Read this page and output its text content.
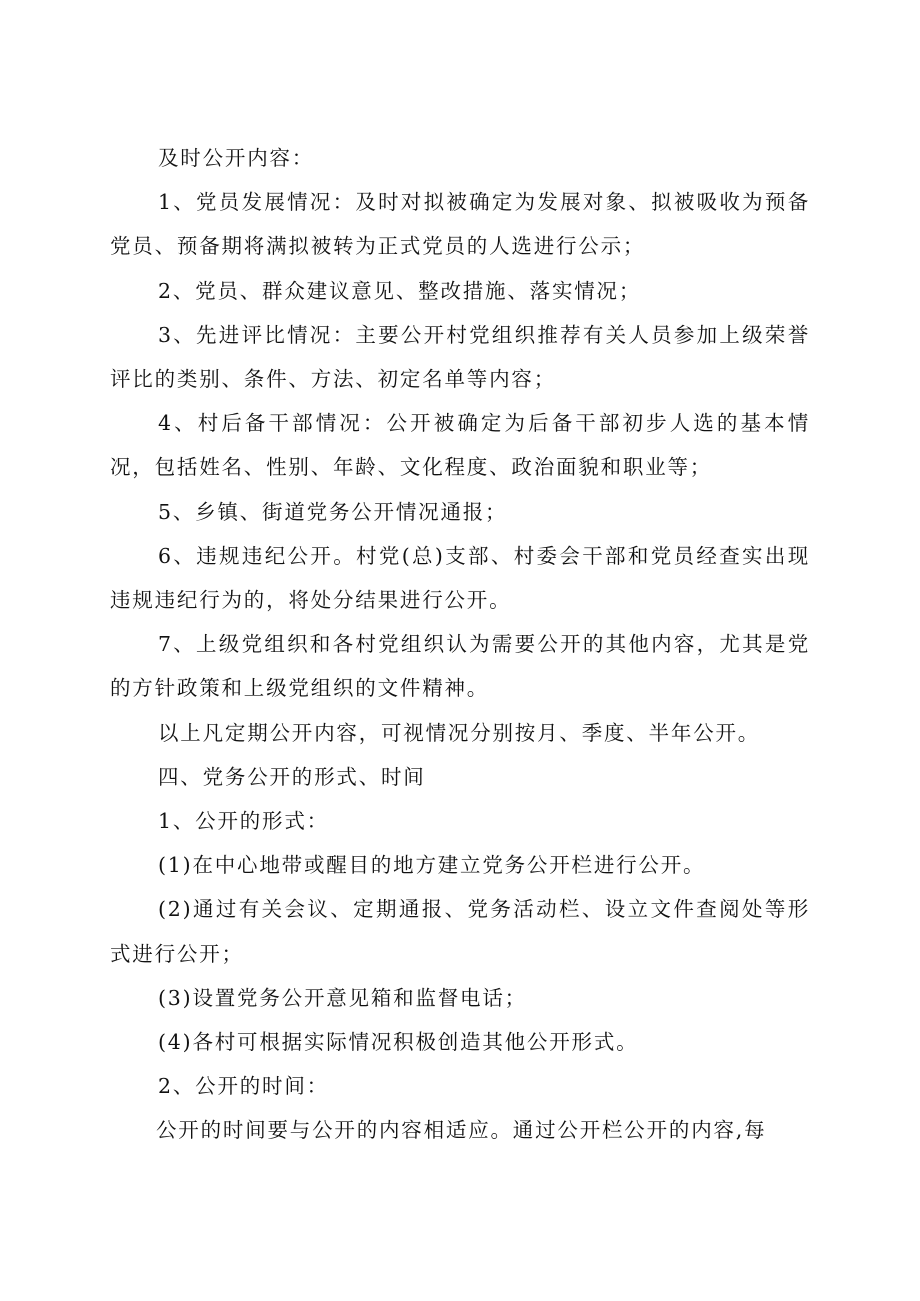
及时公开内容：

1、党员发展情况：及时对拟被确定为发展对象、拟被吸收为预备党员、预备期将满拟被转为正式党员的人选进行公示；

2、党员、群众建议意见、整改措施、落实情况；

3、先进评比情况：主要公开村党组织推荐有关人员参加上级荣誉评比的类别、条件、方法、初定名单等内容；

4、村后备干部情况：公开被确定为后备干部初步人选的基本情况，包括姓名、性别、年龄、文化程度、政治面貌和职业等；

5、乡镇、街道党务公开情况通报；

6、违规违纪公开。村党(总)支部、村委会干部和党员经查实出现违规违纪行为的，将处分结果进行公开。

7、上级党组织和各村党组织认为需要公开的其他内容，尤其是党的方针政策和上级党组织的文件精神。

以上凡定期公开内容，可视情况分别按月、季度、半年公开。

四、党务公开的形式、时间

1、公开的形式：

(1)在中心地带或醒目的地方建立党务公开栏进行公开。

(2)通过有关会议、定期通报、党务活动栏、设立文件查阅处等形式进行公开；

(3)设置党务公开意见箱和监督电话；

(4)各村可根据实际情况积极创造其他公开形式。

2、公开的时间：

公开的时间要与公开的内容相适应。通过公开栏公开的内容,每
